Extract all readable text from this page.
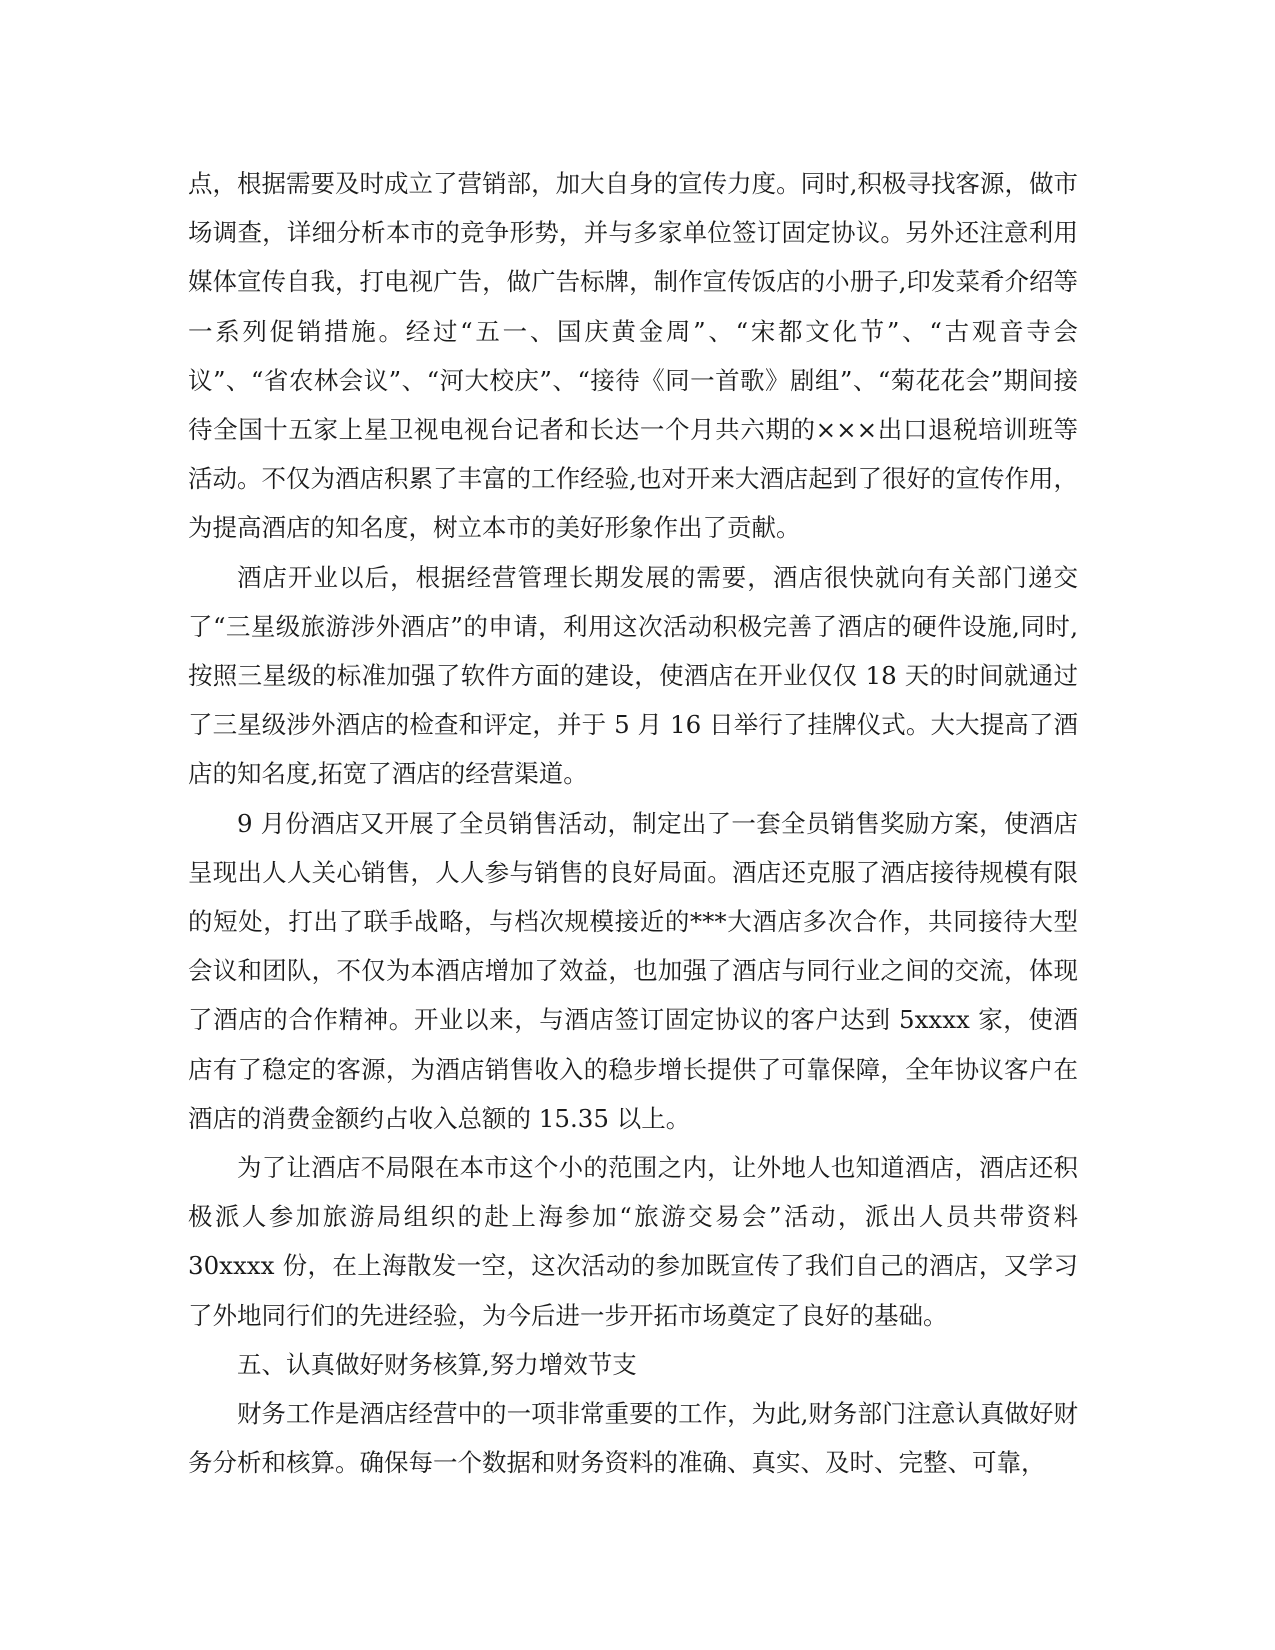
点，根据需要及时成立了营销部，加大自身的宣传力度。同时,积极寻找客源，做市场调查，详细分析本市的竞争形势，并与多家单位签订固定协议。另外还注意利用媒体宣传自我，打电视广告，做广告标牌，制作宣传饭店的小册子,印发菜肴介绍等一系列促销措施。经过“五一、国庆黄金周”、“宋都文化节”、“古观音寺会议”、“省农林会议”、“河大校庆”、“接待《同一首歌》剧组”、“菊花花会”期间接待全国十五家上星卫视电视台记者和长达一个月共六期的×××出口退税培训班等活动。不仅为酒店积累了丰富的工作经验,也对开来大酒店起到了很好的宣传作用，为提高酒店的知名度，树立本市的美好形象作出了贡献。

酒店开业以后，根据经营管理长期发展的需要，酒店很快就向有关部门递交了“三星级旅游涉外酒店”的申请，利用这次活动积极完善了酒店的硬件设施,同时,按照三星级的标准加强了软件方面的建设，使酒店在开业仅仅 18 天的时间就通过了三星级涉外酒店的检查和评定，并于 5 月 16 日举行了挂牌仪式。大大提高了酒店的知名度,拓宽了酒店的经营渠道。

9 月份酒店又开展了全员销售活动，制定出了一套全员销售奖励方案，使酒店呈现出人人关心销售，人人参与销售的良好局面。酒店还克服了酒店接待规模有限的短处，打出了联手战略，与档次规模接近的***大酒店多次合作，共同接待大型会议和团队，不仅为本酒店增加了效益，也加强了酒店与同行业之间的交流，体现了酒店的合作精神。开业以来，与酒店签订固定协议的客户达到 5xxxx 家，使酒店有了稳定的客源，为酒店销售收入的稳步增长提供了可靠保障，全年协议客户在酒店的消费金额约占收入总额的 15.35 以上。

为了让酒店不局限在本市这个小的范围之内，让外地人也知道酒店，酒店还积极派人参加旅游局组织的赴上海参加“旅游交易会”活动，派出人员共带资料 30xxxx 份，在上海散发一空，这次活动的参加既宣传了我们自己的酒店，又学习了外地同行们的先进经验，为今后进一步开拓市场奠定了良好的基础。

五、认真做好财务核算,努力增效节支

财务工作是酒店经营中的一项非常重要的工作，为此,财务部门注意认真做好财务分析和核算。确保每一个数据和财务资料的准确、真实、及时、完整、可靠，
